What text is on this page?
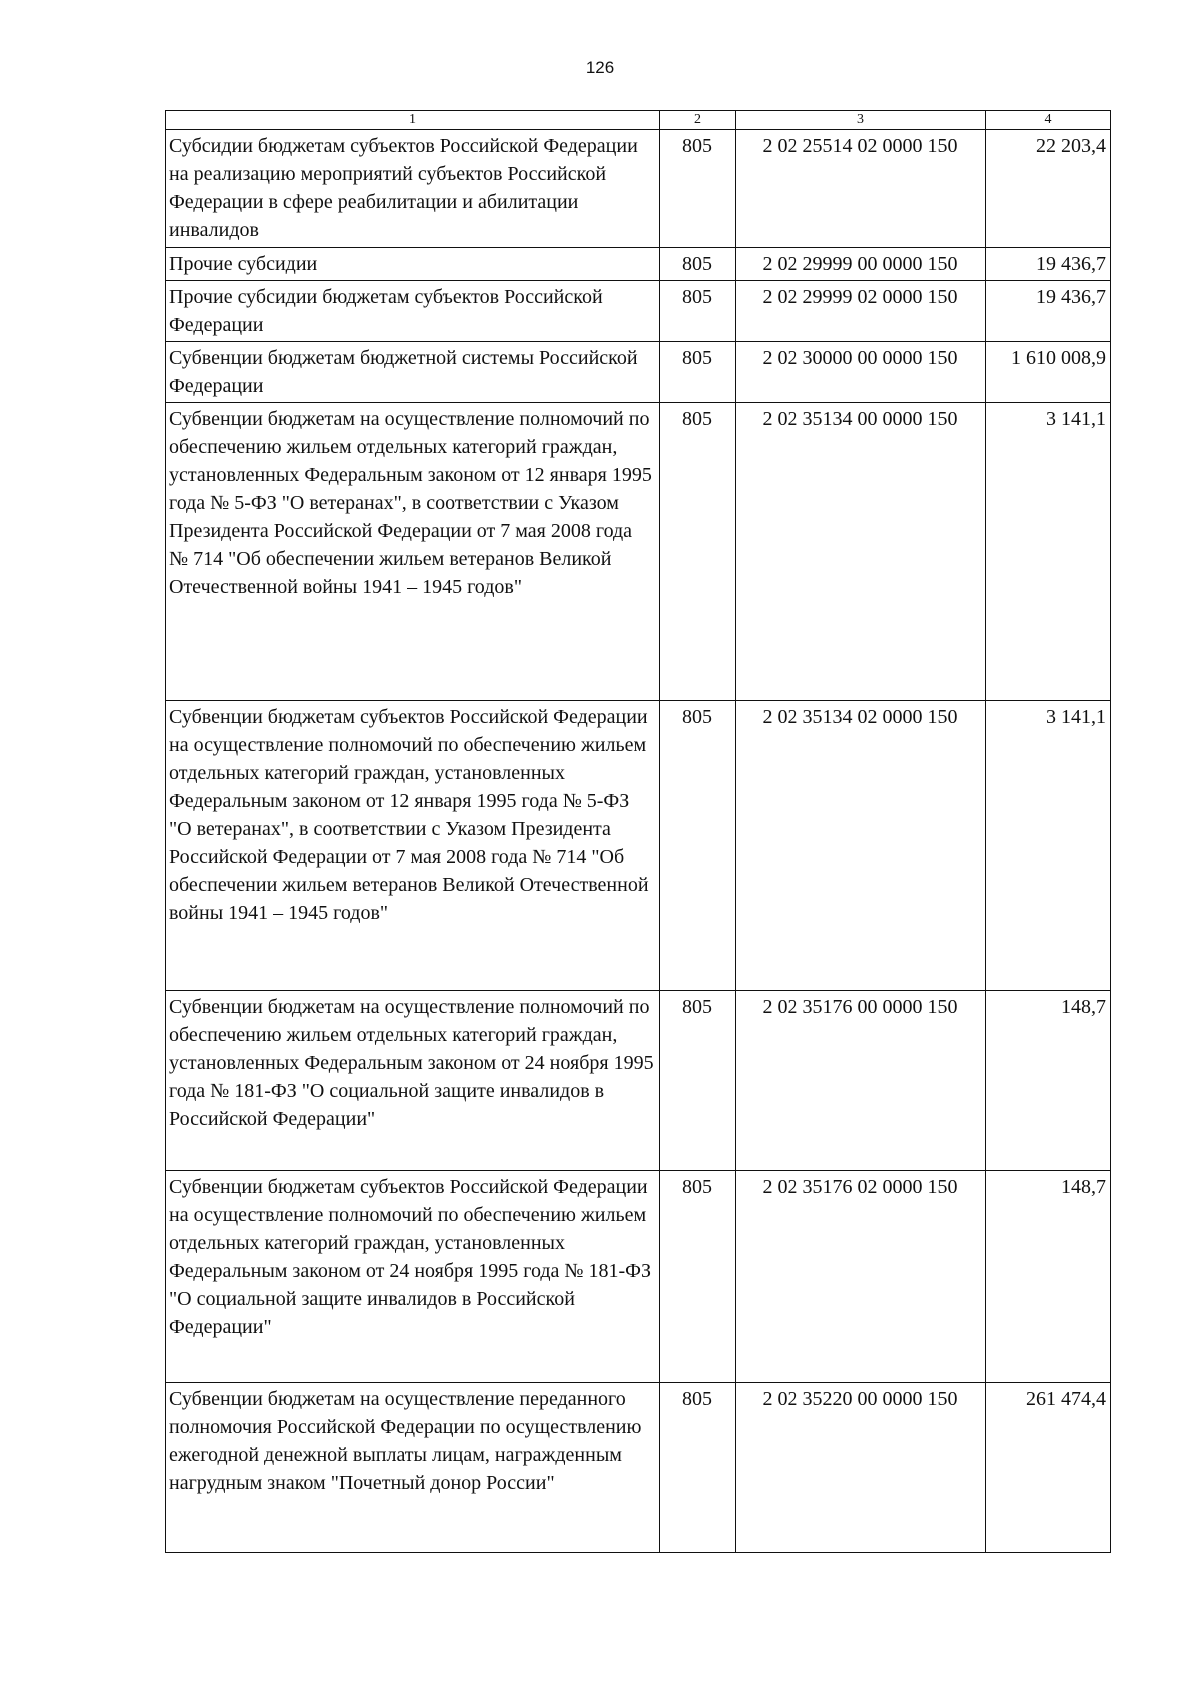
126
1	2	3	4
Субсидии бюджетам субъектов Российской Федерации на реализацию мероприятий субъектов Российской Федерации в сфере реабилитации и абилитации инвалидов	805	2 02 25514 02 0000 150	22 203,4
Прочие субсидии	805	2 02 29999 00 0000 150	19 436,7
Прочие субсидии бюджетам субъектов Российской Федерации	805	2 02 29999 02 0000 150	19 436,7
Субвенции бюджетам бюджетной системы Российской Федерации	805	2 02 30000 00 0000 150	1 610 008,9
Субвенции бюджетам на осуществление полномочий по обеспечению жильем отдельных категорий граждан, установленных Федеральным законом от 12 января 1995 года № 5-ФЗ "О ветеранах", в соответствии с Указом Президента Российской Федерации от 7 мая 2008 года № 714 "Об обеспечении жильем ветеранов Великой Отечественной войны 1941 – 1945 годов"	805	2 02 35134 00 0000 150	3 141,1
Субвенции бюджетам субъектов Российской Федерации на осуществление полномочий по обеспечению жильем отдельных категорий граждан, установленных Федеральным законом от 12 января 1995 года № 5-ФЗ "О ветеранах", в соответствии с Указом Президента Российской Федерации от 7 мая 2008 года № 714 "Об обеспечении жильем ветеранов Великой Отечественной войны 1941 – 1945 годов"	805	2 02 35134 02 0000 150	3 141,1
Субвенции бюджетам на осуществление полномочий по обеспечению жильем отдельных категорий граждан, установленных Федеральным законом от 24 ноября 1995 года № 181-ФЗ "О социальной защите инвалидов в Российской Федерации"	805	2 02 35176 00 0000 150	148,7
Субвенции бюджетам субъектов Российской Федерации на осуществление полномочий по обеспечению жильем отдельных категорий граждан, установленных Федеральным законом от 24 ноября 1995 года № 181-ФЗ "О социальной защите инвалидов в Российской Федерации"	805	2 02 35176 02 0000 150	148,7
Субвенции бюджетам на осуществление переданного полномочия Российской Федерации по осуществлению ежегодной денежной выплаты лицам, награжденным нагрудным знаком "Почетный донор России"	805	2 02 35220 00 0000 150	261 474,4
